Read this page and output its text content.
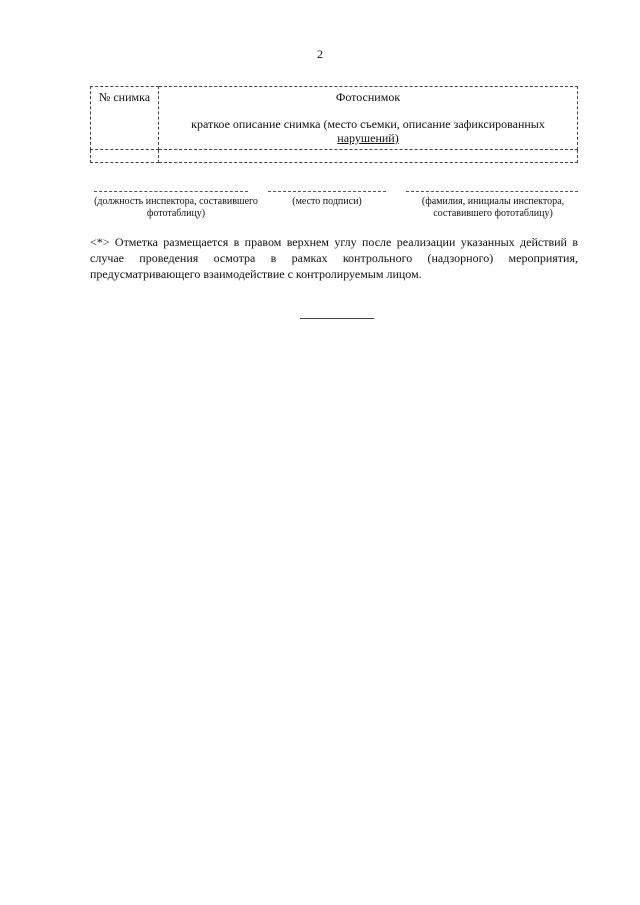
2
№ снимка	Фотоснимок
краткое описание снимка (место съемки, описание зафиксированных
нарушений)

(должность инспектора, составившего фототаблицу)
(место подписи)	(фамилия, инициалы инспектора, составившего фототаблицу)
<*> Отметка размещается в правом верхнем углу после реализации указанных действий в случае проведения осмотра в рамках контрольного (надзорного) мероприятия, предусматривающего взаимодействие с контролируемым лицом.
